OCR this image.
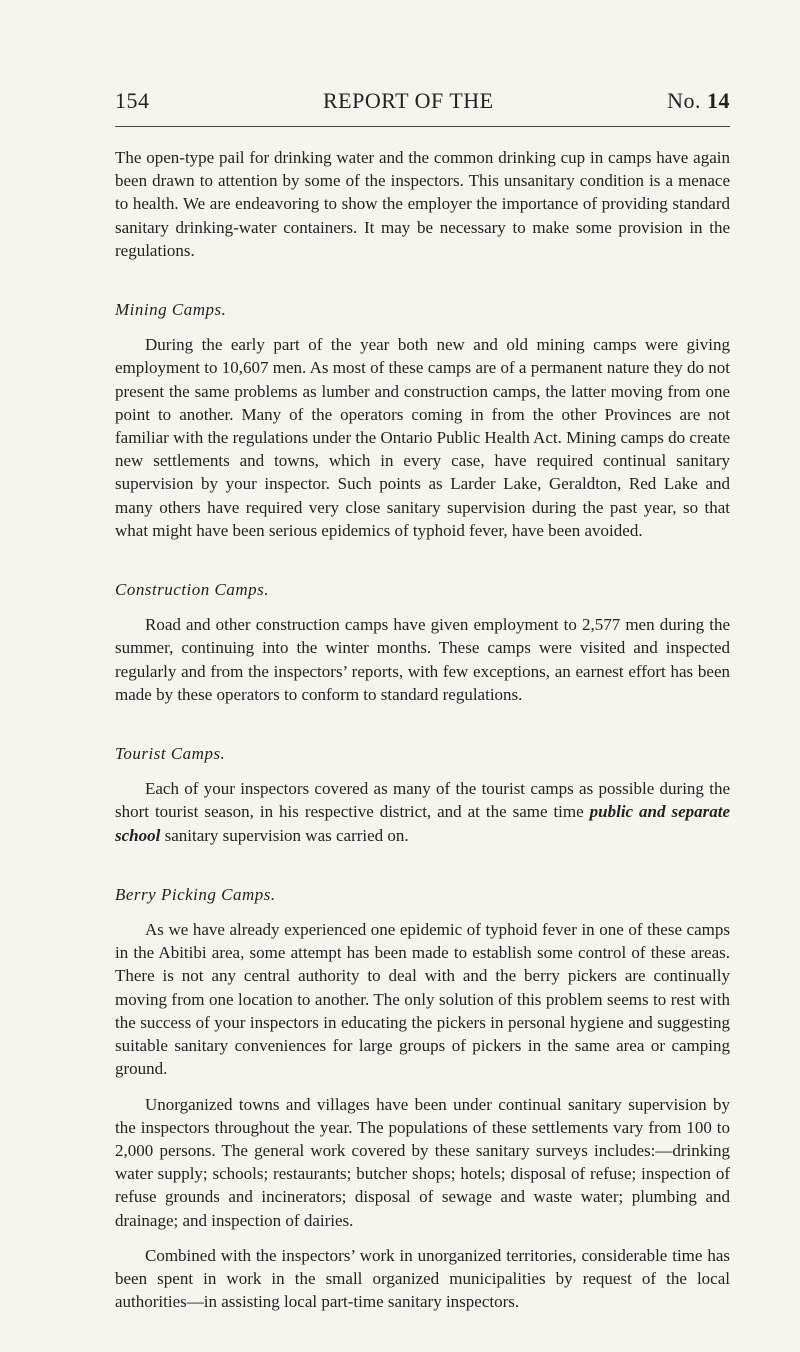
154	REPORT OF THE	No. 14

The open-type pail for drinking water and the common drinking cup in camps have again been drawn to attention by some of the inspectors. This unsanitary condition is a menace to health. We are endeavoring to show the employer the importance of providing standard sanitary drinking-water containers. It may be necessary to make some provision in the regulations.

Mining Camps.

During the early part of the year both new and old mining camps were giving employment to 10,607 men. As most of these camps are of a permanent nature they do not present the same problems as lumber and construction camps, the latter moving from one point to another. Many of the operators coming in from the other Provinces are not familiar with the regulations under the Ontario Public Health Act. Mining camps do create new settlements and towns, which in every case, have required continual sanitary supervision by your inspector. Such points as Larder Lake, Geraldton, Red Lake and many others have required very close sanitary supervision during the past year, so that what might have been serious epidemics of typhoid fever, have been avoided.

Construction Camps.

Road and other construction camps have given employment to 2,577 men during the summer, continuing into the winter months. These camps were visited and inspected regularly and from the inspectors’ reports, with few exceptions, an earnest effort has been made by these operators to conform to standard regulations.

Tourist Camps.

Each of your inspectors covered as many of the tourist camps as possible during the short tourist season, in his respective district, and at the same time public and separate school sanitary supervision was carried on.

Berry Picking Camps.

As we have already experienced one epidemic of typhoid fever in one of these camps in the Abitibi area, some attempt has been made to establish some control of these areas. There is not any central authority to deal with and the berry pickers are continually moving from one location to another. The only solution of this problem seems to rest with the success of your inspectors in educating the pickers in personal hygiene and suggesting suitable sanitary conveniences for large groups of pickers in the same area or camping ground.

Unorganized towns and villages have been under continual sanitary supervision by the inspectors throughout the year. The populations of these settlements vary from 100 to 2,000 persons. The general work covered by these sanitary surveys includes:—drinking water supply; schools; restaurants; butcher shops; hotels; disposal of refuse; inspection of refuse grounds and incinerators; disposal of sewage and waste water; plumbing and drainage; and inspection of dairies.

Combined with the inspectors’ work in unorganized territories, considerable time has been spent in work in the small organized municipalities by request of the local authorities—in assisting local part-time sanitary inspectors.
